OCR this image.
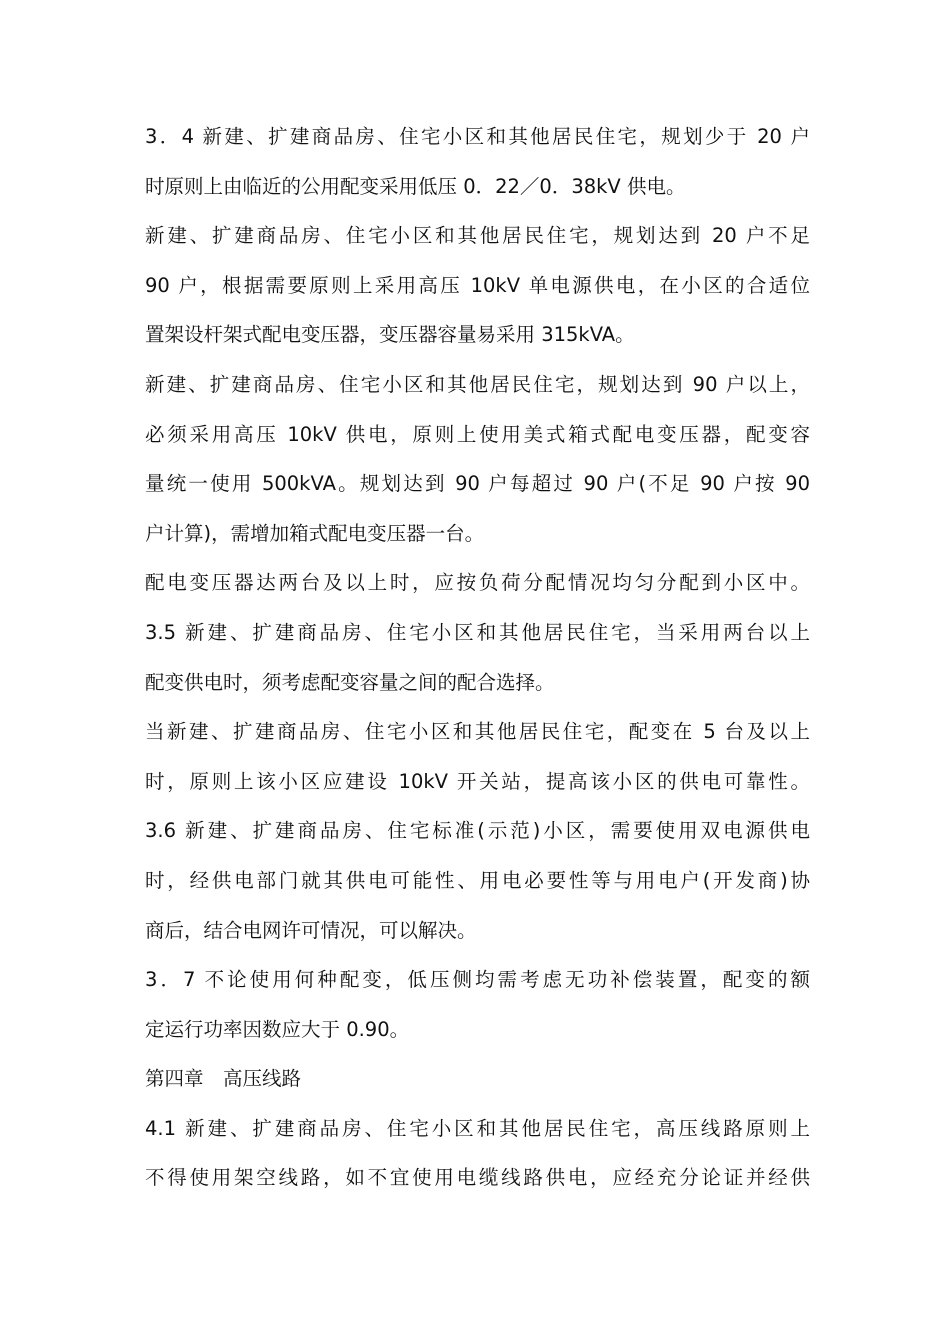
3．4 新建、扩建商品房、住宅小区和其他居民住宅，规划少于 20 户
时原则上由临近的公用配变采用低压 0．22／0．38kV 供电。
新建、扩建商品房、住宅小区和其他居民住宅，规划达到 20 户不足
90 户，根据需要原则上采用高压 10kV 单电源供电，在小区的合适位
置架设杆架式配电变压器，变压器容量易采用 315kVA。
新建、扩建商品房、住宅小区和其他居民住宅，规划达到 90 户以上，
必须采用高压 10kV 供电，原则上使用美式箱式配电变压器，配变容
量统一使用 500kVA。规划达到 90 户每超过 90 户(不足 90 户按 90
户计算)，需增加箱式配电变压器一台。
配电变压器达两台及以上时，应按负荷分配情况均匀分配到小区中。
3.5 新建、扩建商品房、住宅小区和其他居民住宅，当采用两台以上
配变供电时，须考虑配变容量之间的配合选择。
当新建、扩建商品房、住宅小区和其他居民住宅，配变在 5 台及以上
时，原则上该小区应建设 10kV 开关站，提高该小区的供电可靠性。
3.6 新建、扩建商品房、住宅标准(示范)小区，需要使用双电源供电
时，经供电部门就其供电可能性、用电必要性等与用电户(开发商)协
商后，结合电网许可情况，可以解决。
3．7 不论使用何种配变，低压侧均需考虑无功补偿装置，配变的额
定运行功率因数应大于 0.90。
第四章　高压线路
4.1 新建、扩建商品房、住宅小区和其他居民住宅，高压线路原则上
不得使用架空线路，如不宜使用电缆线路供电，应经充分论证并经供
